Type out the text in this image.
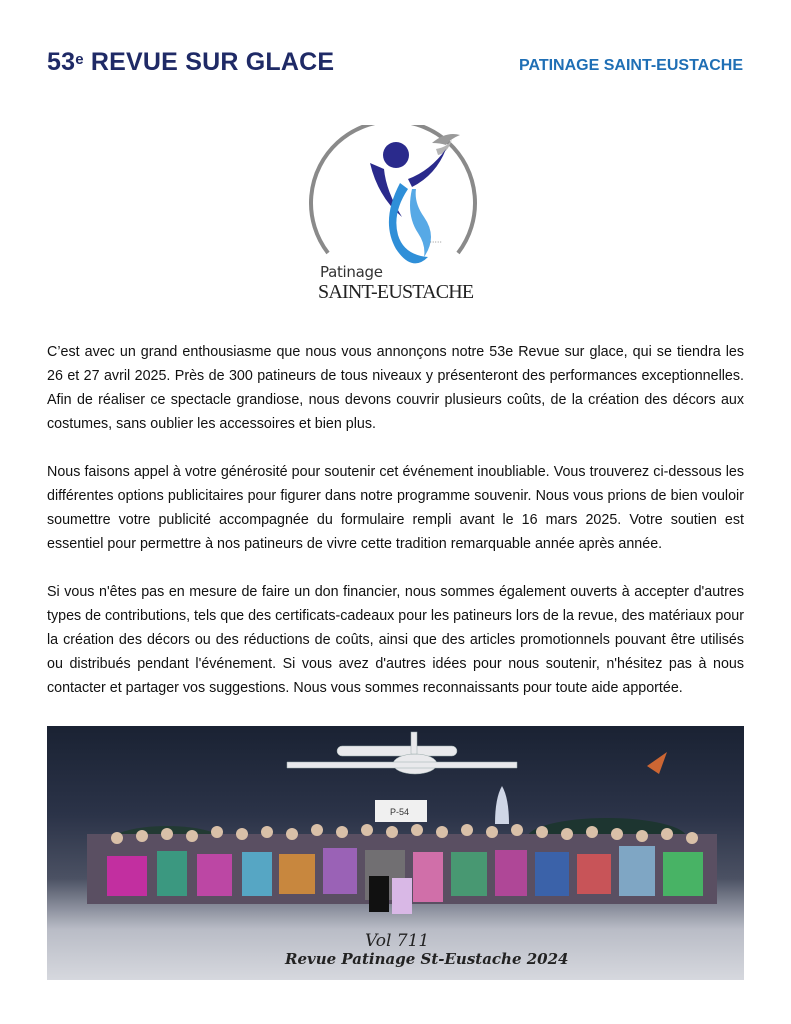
53e REVUE SUR GLACE	PATINAGE SAINT-EUSTACHE
• • • • •
Patinage
SAINT-EUSTACHE

C’est avec un grand enthousiasme que nous vous annonçons notre 53e Revue sur glace, qui se tiendra les 26 et 27 avril 2025. Près de 300 patineurs de tous niveaux y présenteront des performances exceptionnelles. Afin de réaliser ce spectacle grandiose, nous devons couvrir plusieurs coûts, de la création des décors aux costumes, sans oublier les accessoires et bien plus.

Nous faisons appel à votre générosité pour soutenir cet événement inoubliable. Vous trouverez ci-dessous les différentes options publicitaires pour figurer dans notre programme souvenir. Nous vous prions de bien vouloir soumettre votre publicité accompagnée du formulaire rempli avant le 16 mars 2025. Votre soutien est essentiel pour permettre à nos patineurs de vivre cette tradition remarquable année après année.

Si vous n'êtes pas en mesure de faire un don financier, nous sommes également ouverts à accepter d'autres types de contributions, tels que des certificats-cadeaux pour les patineurs lors de la revue, des matériaux pour la création des décors ou des réductions de coûts, ainsi que des articles promotionnels pouvant être utilisés ou distribués pendant l'événement. Si vous avez d'autres idées pour nous soutenir, n'hésitez pas à nous contacter et partager vos suggestions. Nous vous sommes reconnaissants pour toute aide apportée.

P-54
Vol 711
Revue Patinage St-Eustache 2024
